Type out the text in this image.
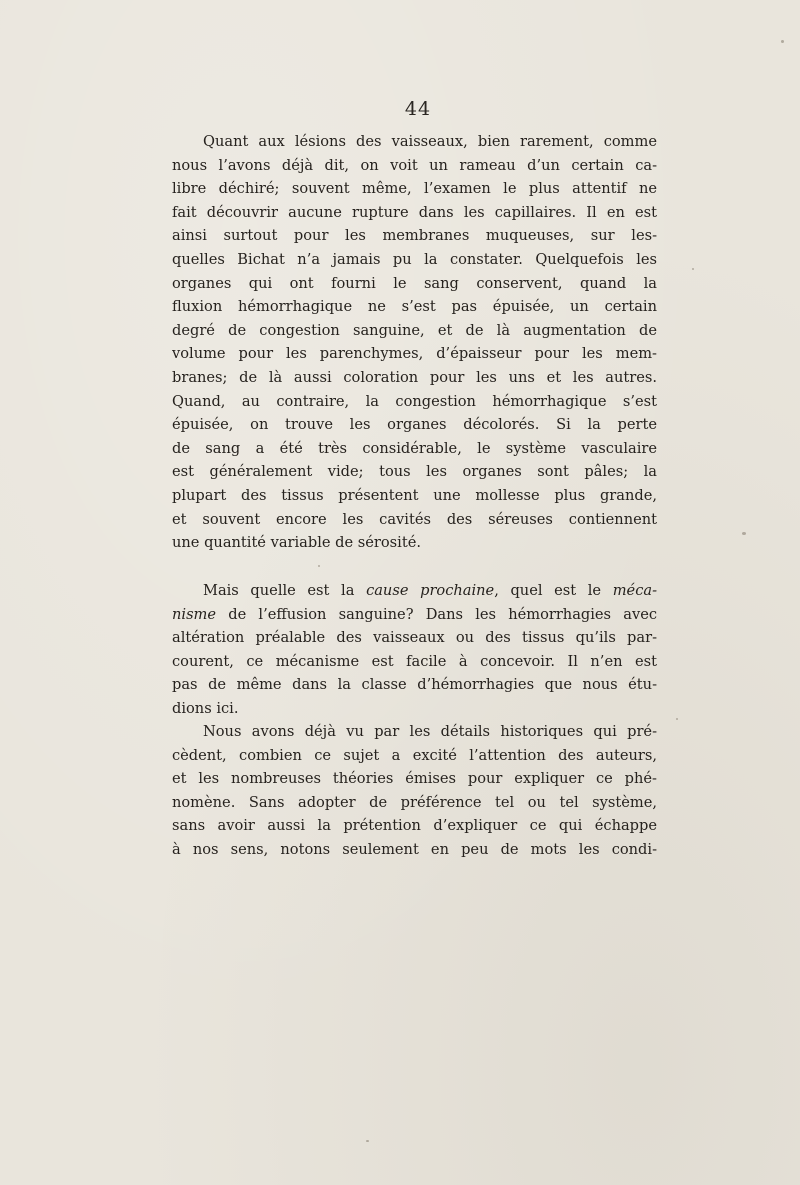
44
Quant aux lésions des vaisseaux, bien rarement, comme
nous l’avons déjà dit, on voit un rameau d’un certain ca-
libre déchiré; souvent même, l’examen le plus attentif ne
fait découvrir aucune rupture dans les capillaires. Il en est
ainsi surtout pour les membranes muqueuses, sur les-
quelles Bichat n’a jamais pu la constater. Quelquefois les
organes qui ont fourni le sang conservent, quand la
fluxion hémorrhagique ne s’est pas épuisée, un certain
degré de congestion sanguine, et de là augmentation de
volume pour les parenchymes, d’épaisseur pour les mem-
branes; de là aussi coloration pour les uns et les autres.
Quand, au contraire, la congestion hémorrhagique s’est
épuisée, on trouve les organes décolorés. Si la perte
de sang a été très considérable, le système vasculaire
est généralement vide; tous les organes sont pâles; la
plupart des tissus présentent une mollesse plus grande,
et souvent encore les cavités des séreuses contiennent
une quantité variable de sérosité.
Mais quelle est la cause prochaine, quel est le méca-
nisme de l’effusion sanguine? Dans les hémorrhagies avec
altération préalable des vaisseaux ou des tissus qu’ils par-
courent, ce mécanisme est facile à concevoir. Il n’en est
pas de même dans la classe d’hémorrhagies que nous étu-
dions ici.
Nous avons déjà vu par les détails historiques qui pré-
cèdent, combien ce sujet a excité l’attention des auteurs,
et les nombreuses théories émises pour expliquer ce phé-
nomène. Sans adopter de préférence tel ou tel système,
sans avoir aussi la prétention d’expliquer ce qui échappe
à nos sens, notons seulement en peu de mots les condi-
